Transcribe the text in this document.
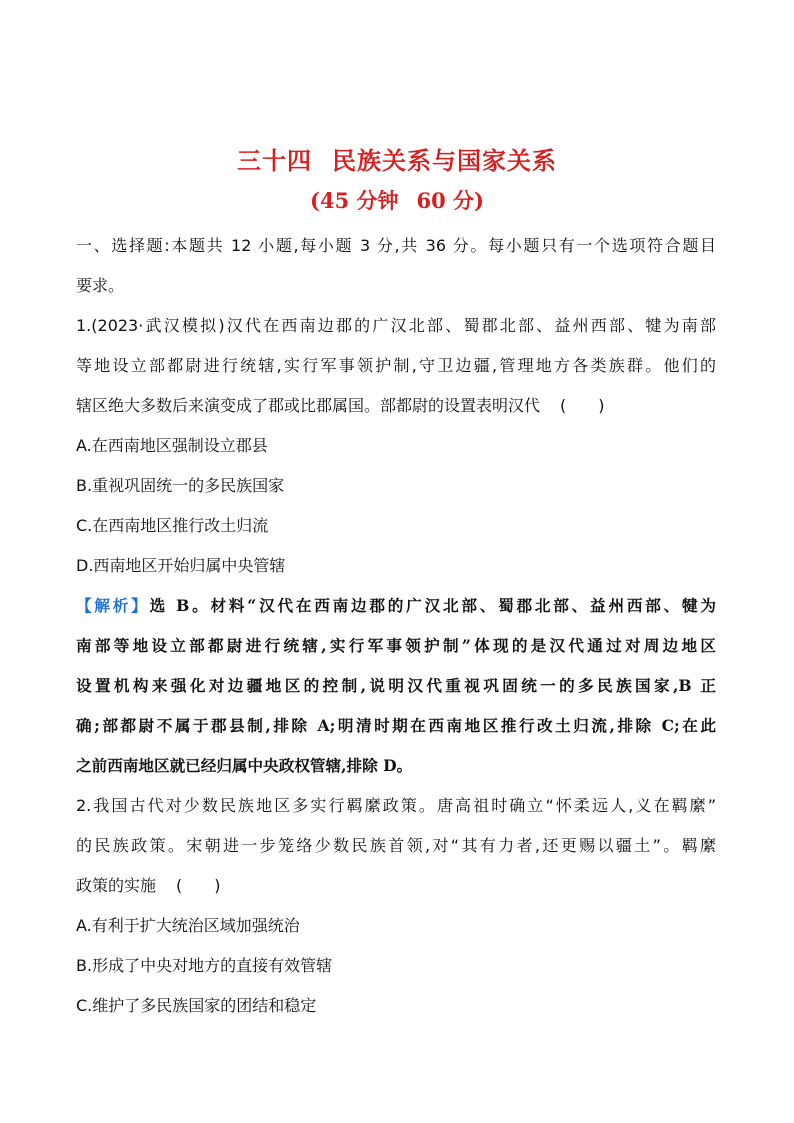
三十四 民族关系与国家关系
(45 分钟 60 分)
一、选择题:本题共 12 小题,每小题 3 分,共 36 分。每小题只有一个选项符合题目
要求。
1.(2023·武汉模拟)汉代在西南边郡的广汉北部、蜀郡北部、益州西部、犍为南部
等地设立部都尉进行统辖,实行军事领护制,守卫边疆,管理地方各类族群。他们的
辖区绝大多数后来演变成了郡或比郡属国。部都尉的设置表明汉代 (　　)
A.在西南地区强制设立郡县
B.重视巩固统一的多民族国家
C.在西南地区推行改土归流
D.西南地区开始归属中央管辖
【解析】选 B。材料“汉代在西南边郡的广汉北部、蜀郡北部、益州西部、犍为
南部等地设立部都尉进行统辖,实行军事领护制”体现的是汉代通过对周边地区
设置机构来强化对边疆地区的控制,说明汉代重视巩固统一的多民族国家,B 正
确;部都尉不属于郡县制,排除 A;明清时期在西南地区推行改土归流,排除 C;在此
之前西南地区就已经归属中央政权管辖,排除 D。
2.我国古代对少数民族地区多实行羁縻政策。唐高祖时确立“怀柔远人,义在羁縻”
的民族政策。宋朝进一步笼络少数民族首领,对“其有力者,还更赐以疆土”。羁縻
政策的实施 (　　)
A.有利于扩大统治区域加强统治
B.形成了中央对地方的直接有效管辖
C.维护了多民族国家的团结和稳定
